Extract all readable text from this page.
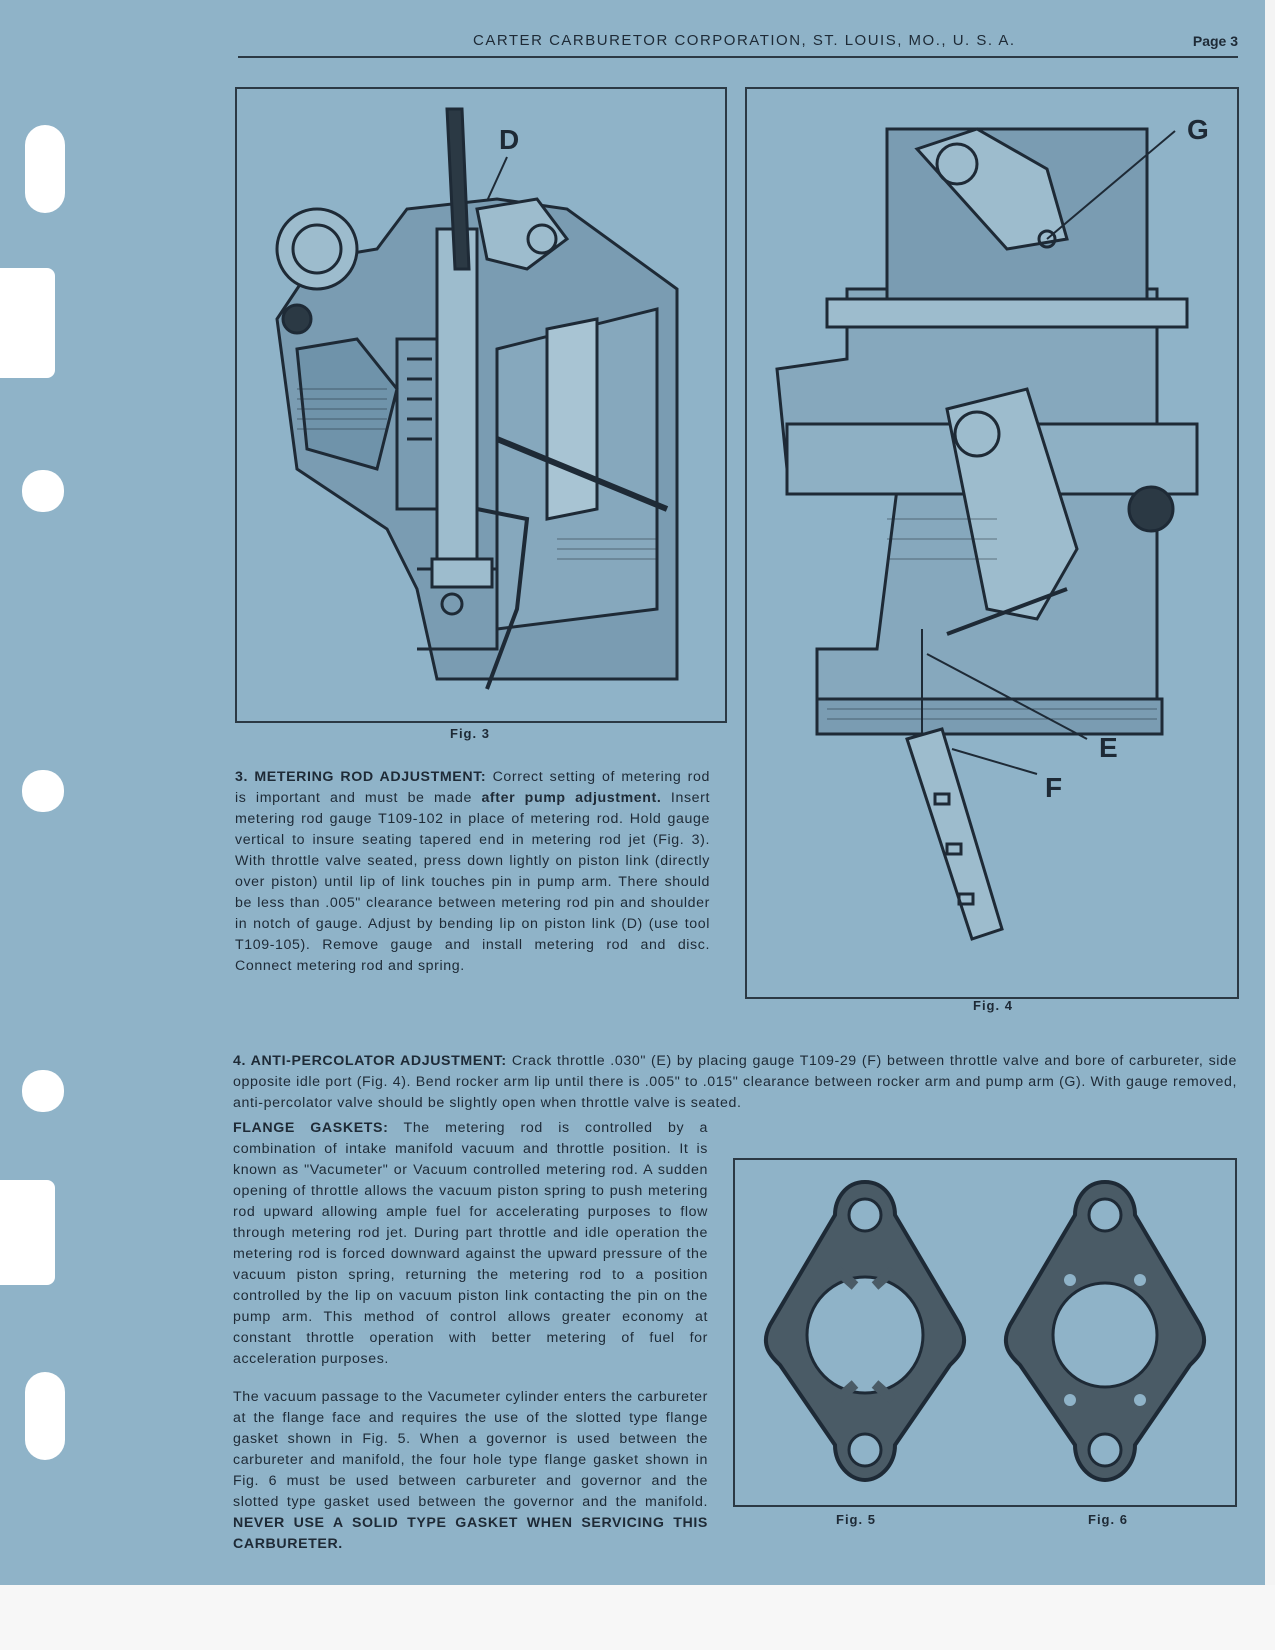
CARTER CARBURETOR CORPORATION, ST. LOUIS, MO., U. S. A.	Page 3
D
Fig. 3
G
E
F
Fig. 4
3. METERING ROD ADJUSTMENT: Correct setting of metering rod is important and must be made after pump adjustment. Insert metering rod gauge T109-102 in place of metering rod. Hold gauge vertical to insure seating tapered end in metering rod jet (Fig. 3). With throttle valve seated, press down lightly on piston link (directly over piston) until lip of link touches pin in pump arm. There should be less than .005" clearance between metering rod pin and shoulder in notch of gauge. Adjust by bending lip on piston link (D) (use tool T109-105). Remove gauge and install metering rod and disc. Connect metering rod and spring.
4. ANTI-PERCOLATOR ADJUSTMENT: Crack throttle .030" (E) by placing gauge T109-29 (F) between throttle valve and bore of carbureter, side opposite idle port (Fig. 4). Bend rocker arm lip until there is .005" to .015" clearance between rocker arm and pump arm (G). With gauge removed, anti-percolator valve should be slightly open when throttle valve is seated.
FLANGE GASKETS: The metering rod is controlled by a combination of intake manifold vacuum and throttle position. It is known as "Vacumeter" or Vacuum controlled metering rod. A sudden opening of throttle allows the vacuum piston spring to push metering rod upward allowing ample fuel for accelerating purposes to flow through metering rod jet. During part throttle and idle operation the metering rod is forced downward against the upward pressure of the vacuum piston spring, returning the metering rod to a position controlled by the lip on vacuum piston link contacting the pin on the pump arm. This method of control allows greater economy at constant throttle operation with better metering of fuel for acceleration purposes.
The vacuum passage to the Vacumeter cylinder enters the carbureter at the flange face and requires the use of the slotted type flange gasket shown in Fig. 5. When a governor is used between the carbureter and manifold, the four hole type flange gasket shown in Fig. 6 must be used between carbureter and governor and the slotted type gasket used between the governor and the manifold. NEVER USE A SOLID TYPE GASKET WHEN SERVICING THIS CARBURETER.
Fig. 5	Fig. 6
